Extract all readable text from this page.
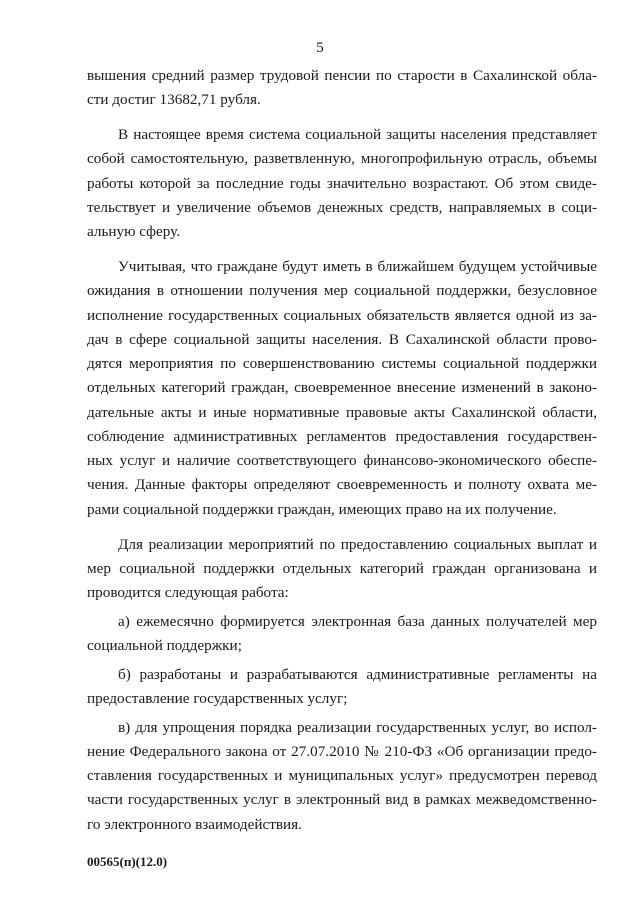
5
вышения средний размер трудовой пенсии по старости в Сахалинской обла-
сти достиг 13682,71 рубля.
В настоящее время система социальной защиты населения представляет
собой самостоятельную, разветвленную, многопрофильную отрасль, объемы
работы которой за последние годы значительно возрастают. Об этом свиде-
тельствует и увеличение объемов денежных средств, направляемых в соци-
альную сферу.
Учитывая, что граждане будут иметь в ближайшем будущем устойчивые
ожидания в отношении получения мер социальной поддержки, безусловное
исполнение государственных социальных обязательств является одной из за-
дач в сфере социальной защиты населения. В Сахалинской области прово-
дятся мероприятия по совершенствованию системы социальной поддержки
отдельных категорий граждан, своевременное внесение изменений в законо-
дательные акты и иные нормативные правовые акты Сахалинской области,
соблюдение административных регламентов предоставления государствен-
ных услуг и наличие соответствующего финансово-экономического обеспе-
чения. Данные факторы определяют своевременность и полноту охвата ме-
рами социальной поддержки граждан, имеющих право на их получение.
Для реализации мероприятий по предоставлению социальных выплат и
мер социальной поддержки отдельных категорий граждан организована и
проводится следующая работа:
а) ежемесячно формируется электронная база данных получателей мер
социальной поддержки;
б) разработаны и разрабатываются административные регламенты на
предоставление государственных услуг;
в) для упрощения порядка реализации государственных услуг, во испол-
нение Федерального закона от 27.07.2010 № 210-ФЗ «Об организации предо-
ставления государственных и муниципальных услуг» предусмотрен перевод
части государственных услуг в электронный вид в рамках межведомственно-
го электронного взаимодействия.
00565(п)(12.0)
